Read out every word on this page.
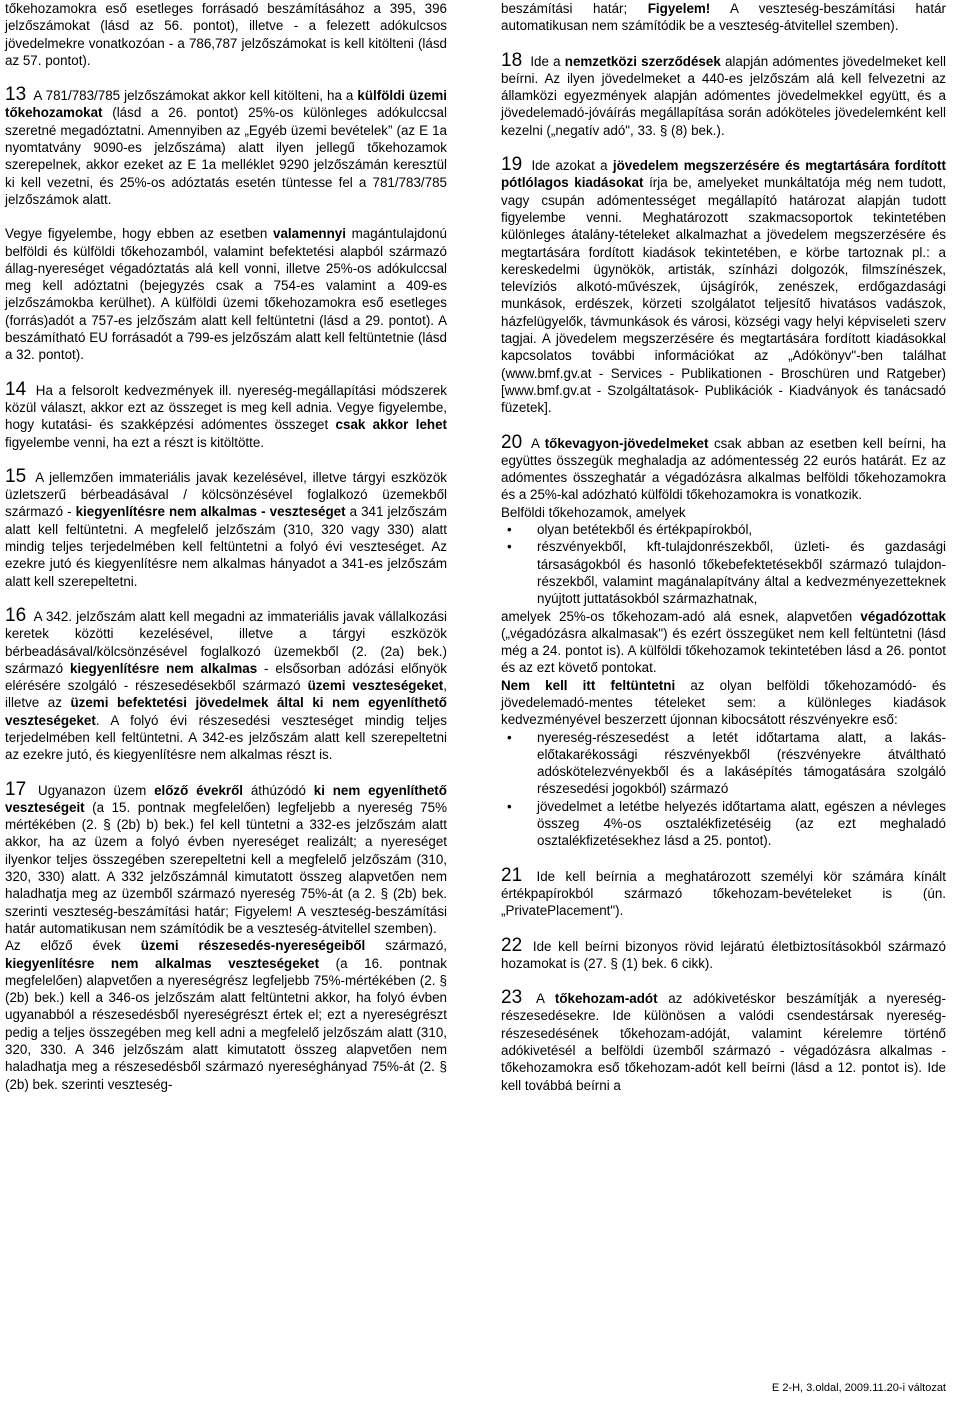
tőkehozamokra eső esetleges forrásadó beszámításához a 395, 396 jelzőszámokat (lásd az 56. pontot), illetve - a felezett adókulcsos jövedelmekre vonatkozóan - a 786,787 jelzőszámokat is kell kitölteni (lásd az 57. pontot).

13 A 781/783/785 jelzőszámokat akkor kell kitölteni, ha a külföldi üzemi tőkehozamokat (lásd a 26. pontot) 25%-os különleges adókulccsal szeretné megadóztatni. Amennyiben az „Egyéb üzemi bevételek” (az E 1a nyomtatvány 9090-es jelzőszáma) alatt ilyen jellegű tőkehozamok szerepelnek, akkor ezeket az E 1a melléklet 9290 jelzőszámán keresztül ki kell vezetni, és 25%-os adóztatás esetén tüntesse fel a 781/783/785 jelzőszámok alatt.

Vegye figyelembe, hogy ebben az esetben valamennyi magántulajdonú belföldi és külföldi tőkehozamból, valamint befektetési alapból származó állag-nyereséget végadóztatás alá kell vonni, illetve 25%-os adókulccsal meg kell adóztatni (bejegyzés csak a 754-es valamint a 409-es jelzőszámokba kerülhet). A külföldi üzemi tőkehozamokra eső esetleges (forrás)adót a 757-es jelzőszám alatt kell feltüntetni (lásd a 29. pontot). A beszámítható EU forrásadót a 799-es jelzőszám alatt kell feltüntetnie (lásd a 32. pontot).

14 Ha a felsorolt kedvezmények ill. nyereség-megállapítási módszerek közül választ, akkor ezt az összeget is meg kell adnia. Vegye figyelembe, hogy kutatási- és szakképzési adómentes összeget csak akkor lehet figyelembe venni, ha ezt a részt is kitöltötte.

15 A jellemzően immateriális javak kezelésével, illetve tárgyi eszközök üzletszerű bérbeadásával / kölcsönzésével foglalkozó üzemekből származó - kiegyenlítésre nem alkalmas - veszteséget a 341 jelzőszám alatt kell feltüntetni. A megfelelő jelzőszám (310, 320 vagy 330) alatt mindig teljes terjedelmében kell feltüntetni a folyó évi veszteséget. Az ezekre jutó és kiegyenlítésre nem alkalmas hányadot a 341-es jelzőszám alatt kell szerepeltetni.

16 A 342. jelzőszám alatt kell megadni az immateriális javak vállalkozási keretek közötti kezelésével, illetve a tárgyi eszközök bérbeadásával/kölcsönzésével foglalkozó üzemekből (2. (2a) bek.) származó kiegyenlítésre nem alkalmas - elsősorban adózási előnyök elérésére szolgáló - részesedésekből származó üzemi veszteségeket, illetve az üzemi befektetési jövedelmek által ki nem egyenlíthető veszteségeket. A folyó évi részesedési veszteséget mindig teljes terjedelmében kell feltüntetni. A 342-es jelzőszám alatt kell szerepeltetni az ezekre jutó, és kiegyenlítésre nem alkalmas részt is.

17 Ugyanazon üzem előző évekről áthúzódó ki nem egyenlíthető veszteségeit (a 15. pontnak megfelelően) legfeljebb a nyereség 75% mértékében (2. § (2b) b) bek.) fel kell tüntetni a 332-es jelzőszám alatt akkor, ha az üzem a folyó évben nyereséget realizált; a nyereséget ilyenkor teljes összegében szerepeltetni kell a megfelelő jelzőszám (310, 320, 330) alatt. A 332 jelzőszámnál kimutatott összeg alapvetően nem haladhatja meg az üzemből származó nyereség 75%-át (a 2. § (2b) bek. szerinti veszteség-beszámítási határ; Figyelem! A veszteség-beszámítási határ automatikusan nem számítódik be a veszteség-átvitellel szemben).

Az előző évek üzemi részesedés-nyereségeiből származó, kiegyenlítésre nem alkalmas veszteségeket (a 16. pontnak megfelelően) alapvetően a nyereségrész legfeljebb 75%-mértékében (2. § (2b) bek.) kell a 346-os jelzőszám alatt feltüntetni akkor, ha folyó évben ugyanabból a részesedésből nyereségrészt értek el; ezt a nyereségrészt pedig a teljes összegében meg kell adni a megfelelő jelzőszám alatt (310, 320, 330. A 346 jelzőszám alatt kimutatott összeg alapvetően nem haladhatja meg a részesedésből származó nyereséghányad 75%-át (2. § (2b) bek. szerinti veszteség-

beszámítási határ; Figyelem! A veszteség-beszámítási határ automatikusan nem számítódik be a veszteség-átvitellel szemben).

18 Ide a nemzetközi szerződések alapján adómentes jövedelmeket kell beírni. Az ilyen jövedelmeket a 440-es jelzőszám alá kell felvezetni az államközi egyezmények alapján adómentes jövedelmekkel együtt, és a jövedelemadó-jóváírás megállapítása során adóköteles jövedelemként kell kezelni („negatív adó", 33. § (8) bek.).

19 Ide azokat a jövedelem megszerzésére és megtartására fordított pótlólagos kiadásokat írja be, amelyeket munkáltatója még nem tudott, vagy csupán adómentességet megállapító határozat alapján tudott figyelembe venni. Meghatározott szakmacsoportok tekintetében különleges átalány-tételeket alkalmazhat a jövedelem megszerzésére és megtartására fordított kiadások tekintetében, e körbe tartoznak pl.: a kereskedelmi ügynökök, artisták, színházi dolgozók, filmszínészek, televíziós alkotó-művészek, újságírók, zenészek, erdőgazdasági munkások, erdészek, körzeti szolgálatot teljesítő hivatásos vadászok, házfelügyelők, távmunkások és városi, községi vagy helyi képviseleti szerv tagjai. A jövedelem megszerzésére és megtartására fordított kiadásokkal kapcsolatos további információkat az „Adókönyv"-ben találhat (www.bmf.gv.at - Services - Publikationen - Broschüren und Ratgeber) [www.bmf.gv.at - Szolgáltatások- Publikációk - Kiadványok és tanácsadó füzetek].

20 A tőkevagyon-jövedelmeket csak abban az esetben kell beírni, ha együttes összegük meghaladja az adómentesség 22 eurós határát. Ez az adómentes összeghatár a végadózásra alkalmas belföldi tőkehozamokra és a 25%-kal adózható külföldi tőkehozamokra is vonatkozik.

Belföldi tőkehozamok, amelyek

• olyan betétekből és értékpapírokból,
• részvényekből, kft-tulajdonrészekből, üzleti- és gazdasági társaságokból és hasonló tőkebefektetésekből származó tulajdon-részekből, valamint magánalapítvány által a kedvezményezetteknek nyújtott juttatásokból származhatnak,

amelyek 25%-os tőkehozam-adó alá esnek, alapvetően végadózottak („végadózásra alkalmasak") és ezért összegüket nem kell feltüntetni (lásd még a 24. pontot is). A külföldi tőkehozamok tekintetében lásd a 26. pontot és az ezt követő pontokat.

Nem kell itt feltüntetni az olyan belföldi tőkehozamódó- és jövedelemadó-mentes tételeket sem: a különleges kiadások kedvezményével beszerzett újonnan kibocsátott részvényekre eső:

• nyereség-részesedést a letét időtartama alatt, a lakás-előtakarékossági részvényekből (részvényekre átváltható adóskötelezvényekből és a lakásépítés támogatására szolgáló részesedési jogokból) származó
• jövedelmet a letétbe helyezés időtartama alatt, egészen a névleges összeg 4%-os osztalékfizetéséig (az ezt meghaladó osztalékfizetésekhez lásd a 25. pontot).

21 Ide kell beírnia a meghatározott személyi kör számára kínált értékpapírokból származó tőkehozam-bevételeket is (ún. „PrivatePlacement").

22 Ide kell beírni bizonyos rövid lejáratú életbiztosításokból származó hozamokat is (27. § (1) bek. 6 cikk).

23 A tőkehozam-adót az adókivetéskor beszámítják a nyereség-részesedésekre. Ide különösen a valódi csendestársak nyereség-részesedésének tőkehozam-adóját, valamint kérelemre történő adókivetésél a belföldi üzemből származó - végadózásra alkalmas - tőkehozamokra eső tőkehozam-adót kell beírni (lásd a 12. pontot is). Ide kell továbbá beírni a

E 2-H, 3.oldal, 2009.11.20-i változat
